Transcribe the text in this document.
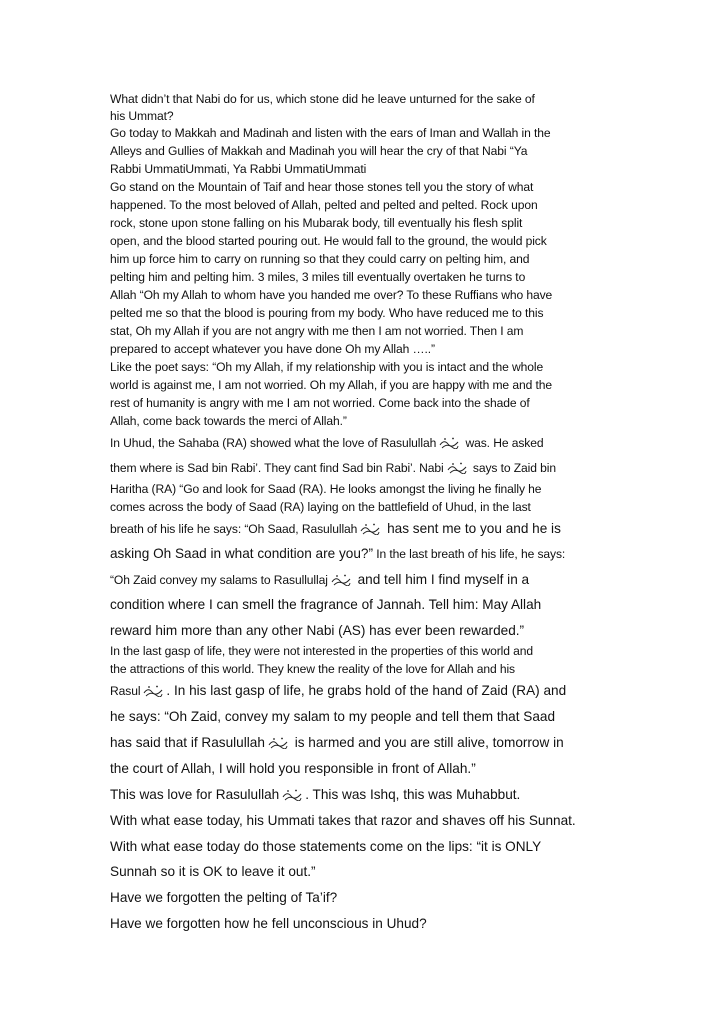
What didn’t that Nabi do for us, which stone did he leave unturned for the sake of
his Ummat?
Go today to Makkah and Madinah and listen with the ears of Iman and Wallah in the
Alleys and Gullies of Makkah and Madinah you will hear the cry of that Nabi “Ya
Rabbi UmmatiUmmati, Ya Rabbi UmmatiUmmati
Go stand on the Mountain of Taif and hear those stones tell you the story of what
happened. To the most beloved of Allah, pelted and pelted and pelted. Rock upon
rock, stone upon stone falling on his Mubarak body, till eventually his flesh split
open, and the blood started pouring out. He would fall to the ground, the would pick
him up force him to carry on running so that they could carry on pelting him, and
pelting him and pelting him. 3 miles, 3 miles till eventually overtaken he turns to
Allah “Oh my Allah to whom have you handed me over? To these Ruffians who have
pelted me so that the blood is pouring from my body. Who have reduced me to this
stat, Oh my Allah if you are not angry with me then I am not worried. Then I am
prepared to accept whatever you have done Oh my Allah …..”
Like the poet says: “Oh my Allah, if my relationship with you is intact and the whole
world is against me, I am not worried. Oh my Allah, if you are happy with me and the
rest of humanity is angry with me I am not worried. Come back into the shade of
Allah, come back towards the merci of Allah.”
In Uhud, the Sahaba (RA) showed what the love of Rasulullah
was. He asked
them where is Sad bin Rabi’. They cant find Sad bin Rabi’. Nabi
says to Zaid bin
Haritha (RA) “Go and look for Saad (RA). He looks amongst the living he finally he
comes across the body of Saad (RA) laying on the battlefield of Uhud, in the last
breath of his life he says: “Oh Saad, Rasulullah
has sent me to you and he is
asking Oh Saad in what condition are you?” In the last breath of his life, he says:
“Oh Zaid convey my salams to Rasullullaj
and tell him I find myself in a
condition where I can smell the fragrance of Jannah. Tell him: May Allah
reward him more than any other Nabi (AS) has ever been rewarded.”
In the last gasp of life, they were not interested in the properties of this world and
the attractions of this world. They knew the reality of the love for Allah and his
Rasul . In his last gasp of life, he grabs hold of the hand of Zaid (RA) and
he says: “Oh Zaid, convey my salam to my people and tell them that Saad
has said that if Rasulullah
is harmed and you are still alive, tomorrow in
the court of Allah, I will hold you responsible in front of Allah.”
This was love for Rasulullah . This was Ishq, this was Muhabbut.
With what ease today, his Ummati takes that razor and shaves off his Sunnat.
With what ease today do those statements come on the lips: “it is ONLY
Sunnah so it is OK to leave it out.”
Have we forgotten the pelting of Ta’if?
Have we forgotten how he fell unconscious in Uhud?
